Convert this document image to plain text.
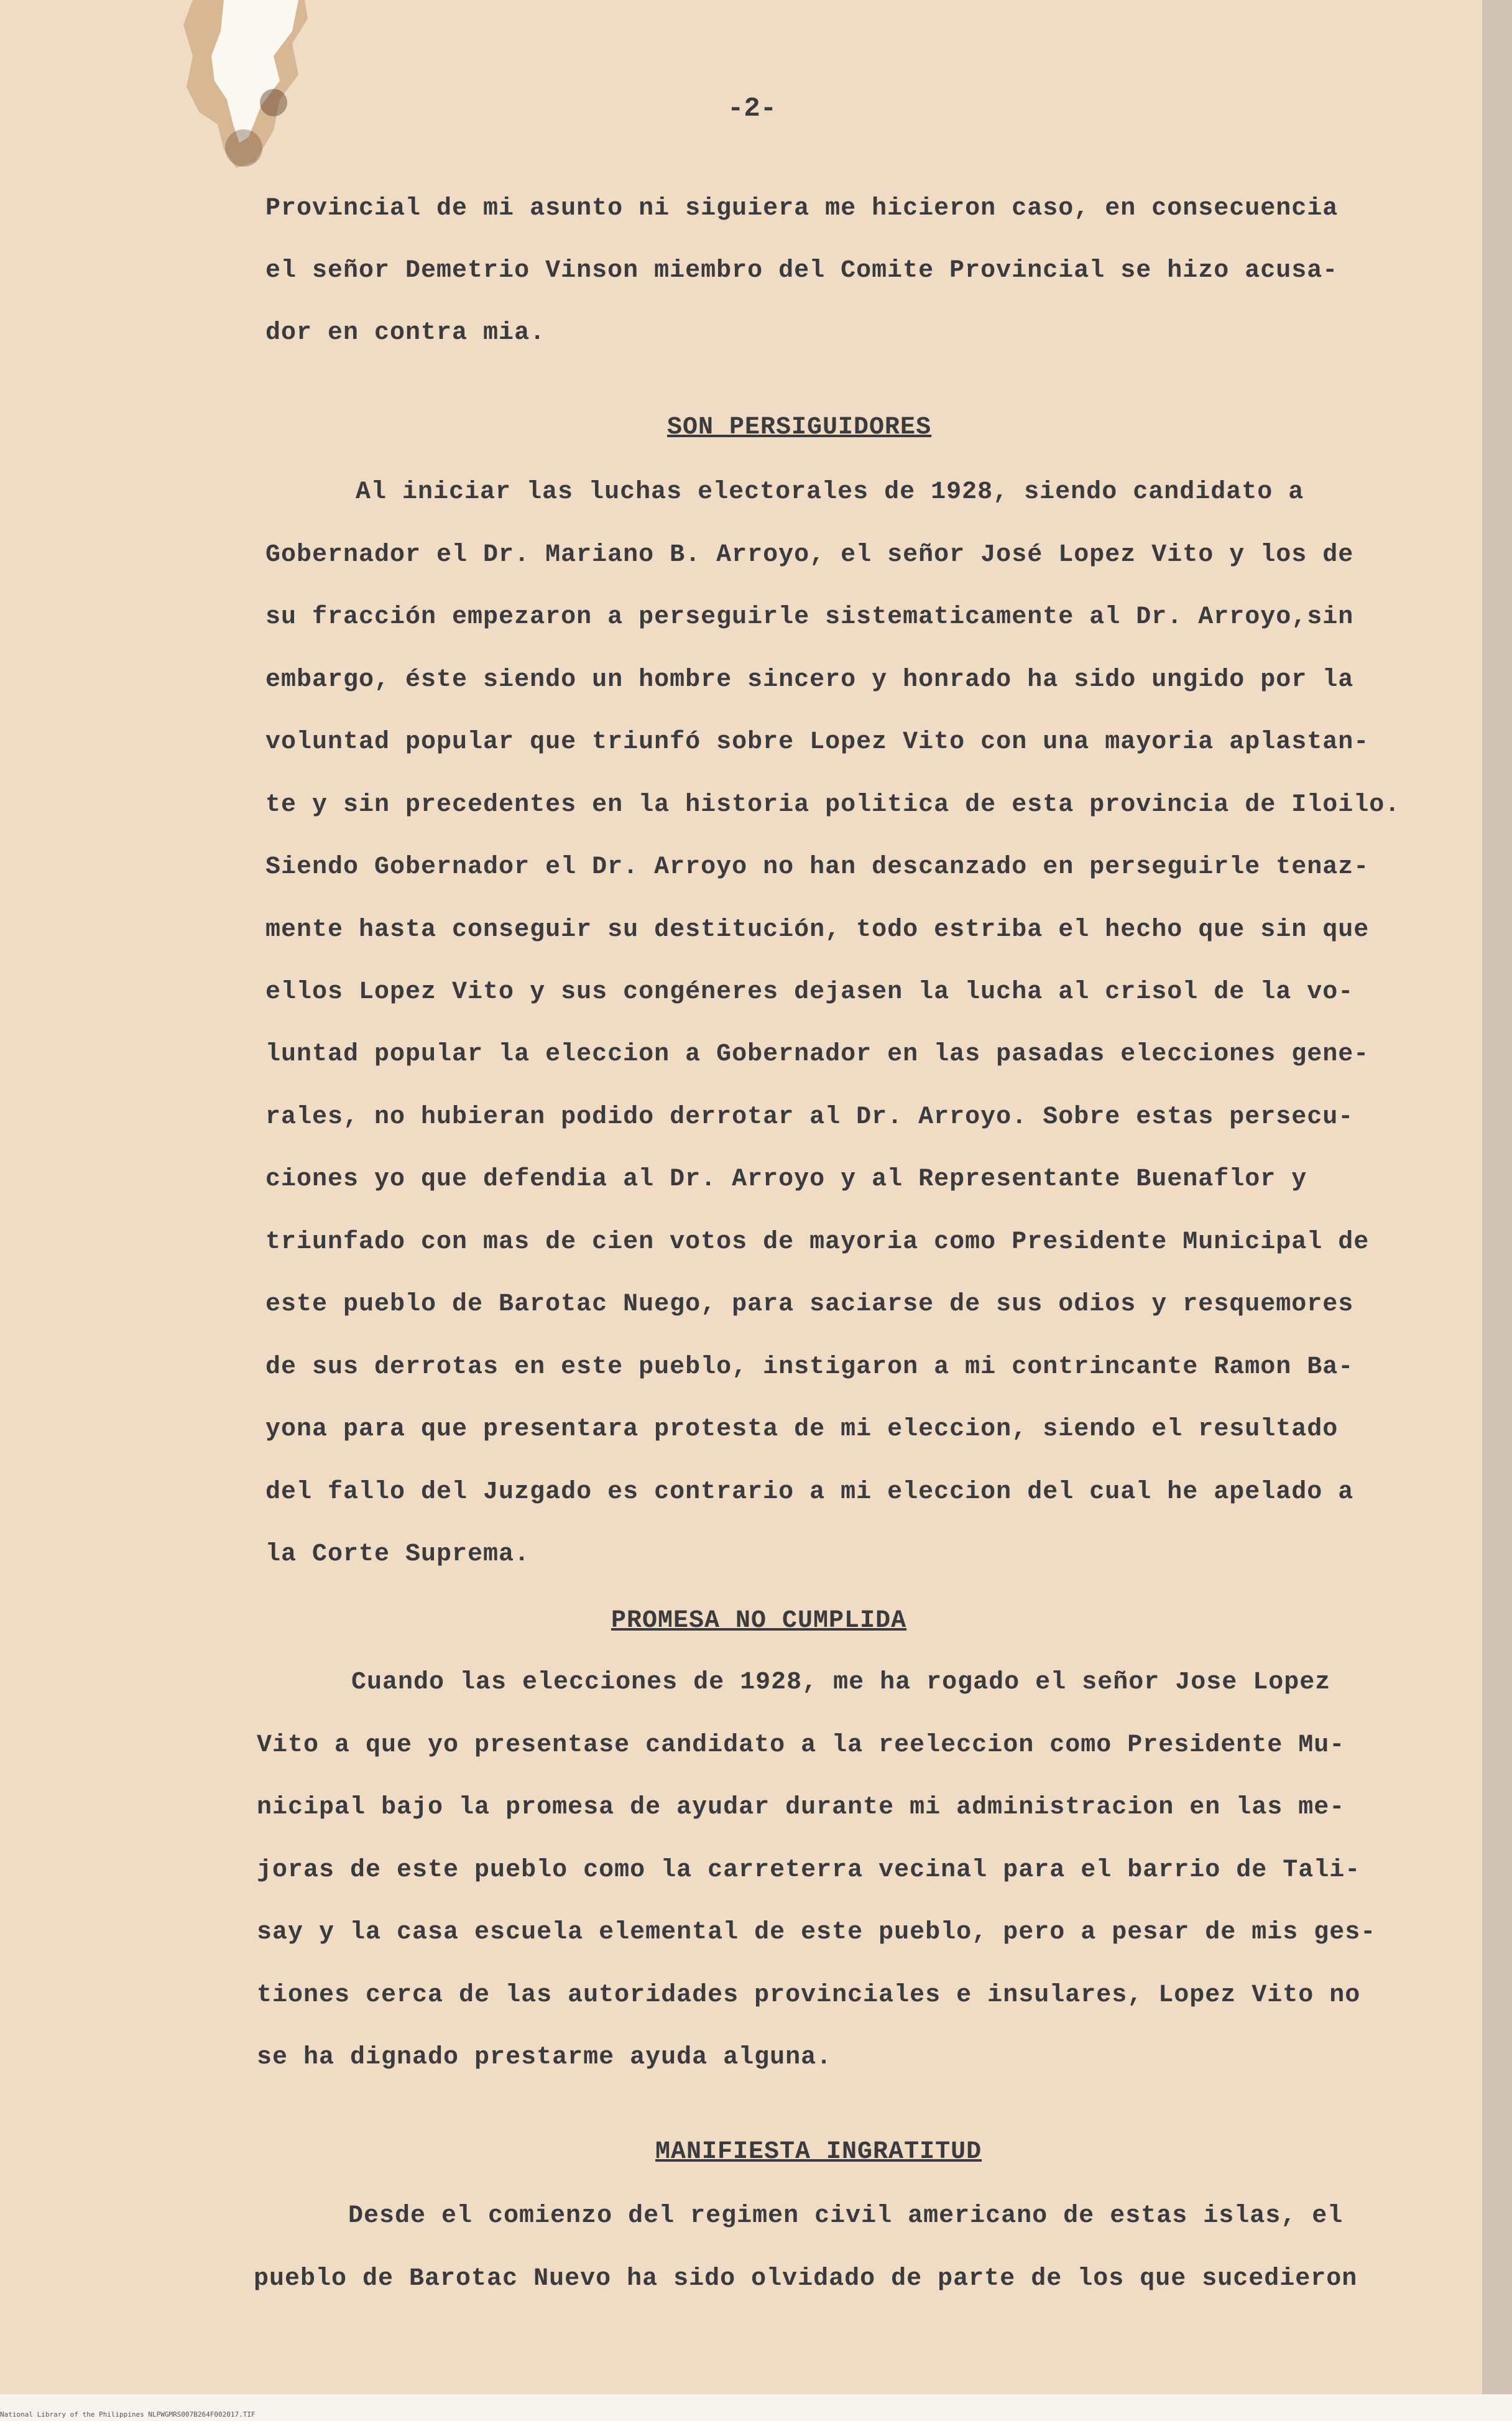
-2-
Provincial de mi asunto ni siguiera me hicieron caso, en consecuencia
el señor Demetrio Vinson miembro del Comite Provincial se hizo acusa-
dor en contra mia.
SON PERSIGUIDORES
Al iniciar las luchas electorales de 1928, siendo candidato a
Gobernador el Dr. Mariano B. Arroyo, el señor José Lopez Vito y los de
su fracción empezaron a perseguirle sistematicamente al Dr. Arroyo,sin
embargo, éste siendo un hombre sincero y honrado ha sido ungido por la
voluntad popular que triunfó sobre Lopez Vito con una mayoria aplastan-
te y sin precedentes en la historia politica de esta provincia de Iloilo.
Siendo Gobernador el Dr. Arroyo no han descanzado en perseguirle tenaz-
mente hasta conseguir su destitución, todo estriba el hecho que sin que
ellos Lopez Vito y sus congéneres dejasen la lucha al crisol de la vo-
luntad popular la eleccion a Gobernador en las pasadas elecciones gene-
rales, no hubieran podido derrotar al Dr. Arroyo. Sobre estas persecu-
ciones yo que defendia al Dr. Arroyo y al Representante Buenaflor y
triunfado con mas de cien votos de mayoria como Presidente Municipal de
este pueblo de Barotac Nuego, para saciarse de sus odios y resquemores
de sus derrotas en este pueblo, instigaron a mi contrincante Ramon Ba-
yona para que presentara protesta de mi eleccion, siendo el resultado
del fallo del Juzgado es contrario a mi eleccion del cual he apelado a
la Corte Suprema.
PROMESA NO CUMPLIDA
Cuando las elecciones de 1928, me ha rogado el señor Jose Lopez
Vito a que yo presentase candidato a la reeleccion como Presidente Mu-
nicipal bajo la promesa de ayudar durante mi administracion en las me-
joras de este pueblo como la carreterra vecinal para el barrio de Tali-
say y la casa escuela elemental de este pueblo, pero a pesar de mis ges-
tiones cerca de las autoridades provinciales e insulares, Lopez Vito no
se ha dignado prestarme ayuda alguna.
MANIFIESTA INGRATITUD
Desde el comienzo del regimen civil americano de estas islas, el
pueblo de Barotac Nuevo ha sido olvidado de parte de los que sucedieron
National Library of the Philippines NLPWGMRS007B264F002017.TIF
